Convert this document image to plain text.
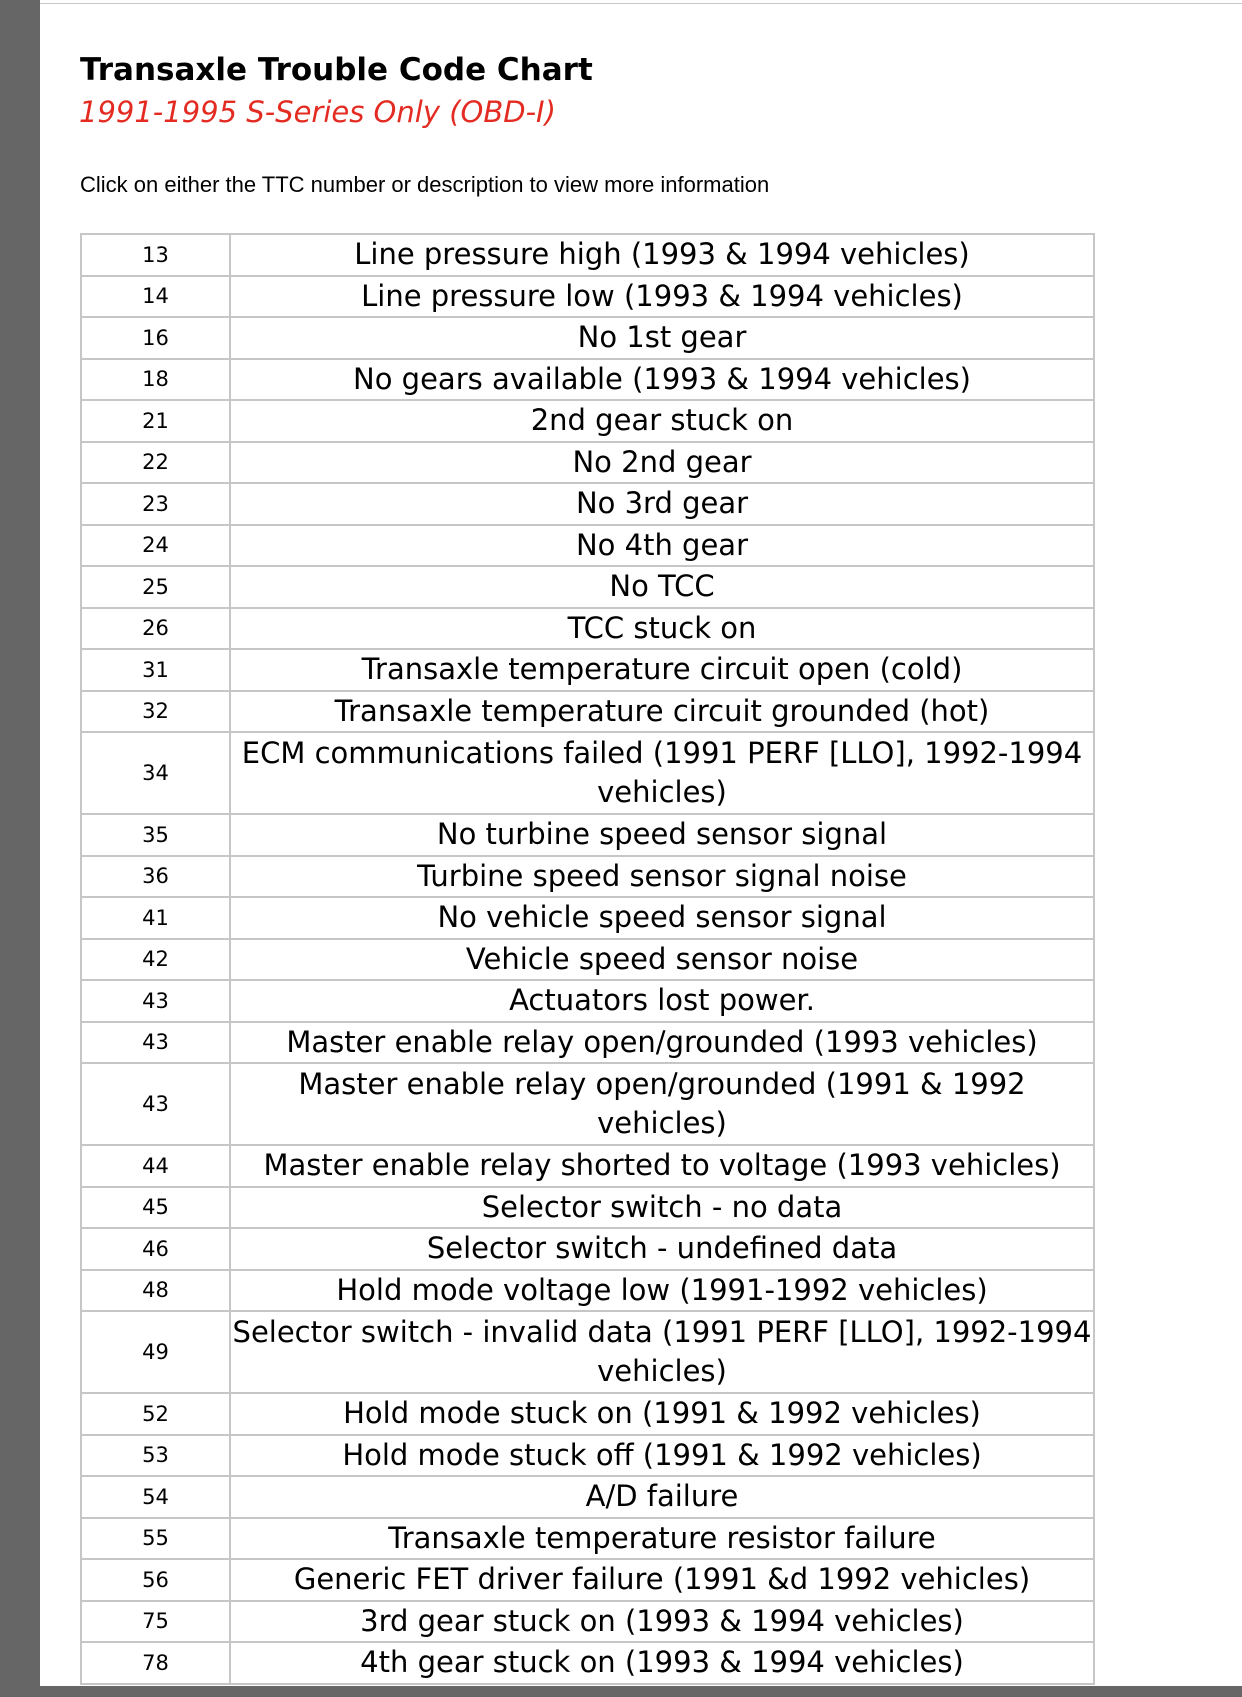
Transaxle Trouble Code Chart
1991-1995 S-Series Only (OBD-I)
Click on either the TTC number or description to view more information
13	Line pressure high (1993 & 1994 vehicles)
14	Line pressure low (1993 & 1994 vehicles)
16	No 1st gear
18	No gears available (1993 & 1994 vehicles)
21	2nd gear stuck on
22	No 2nd gear
23	No 3rd gear
24	No 4th gear
25	No TCC
26	TCC stuck on
31	Transaxle temperature circuit open (cold)
32	Transaxle temperature circuit grounded (hot)
34	ECM communications failed (1991 PERF [LLO], 1992-1994 vehicles)
35	No turbine speed sensor signal
36	Turbine speed sensor signal noise
41	No vehicle speed sensor signal
42	Vehicle speed sensor noise
43	Actuators lost power.
43	Master enable relay open/grounded (1993 vehicles)
43	Master enable relay open/grounded (1991 & 1992 vehicles)
44	Master enable relay shorted to voltage (1993 vehicles)
45	Selector switch - no data
46	Selector switch - undefined data
48	Hold mode voltage low (1991-1992 vehicles)
49	Selector switch - invalid data (1991 PERF [LLO], 1992-1994 vehicles)
52	Hold mode stuck on (1991 & 1992 vehicles)
53	Hold mode stuck off (1991 & 1992 vehicles)
54	A/D failure
55	Transaxle temperature resistor failure
56	Generic FET driver failure (1991 &d 1992 vehicles)
75	3rd gear stuck on (1993 & 1994 vehicles)
78	4th gear stuck on (1993 & 1994 vehicles)
